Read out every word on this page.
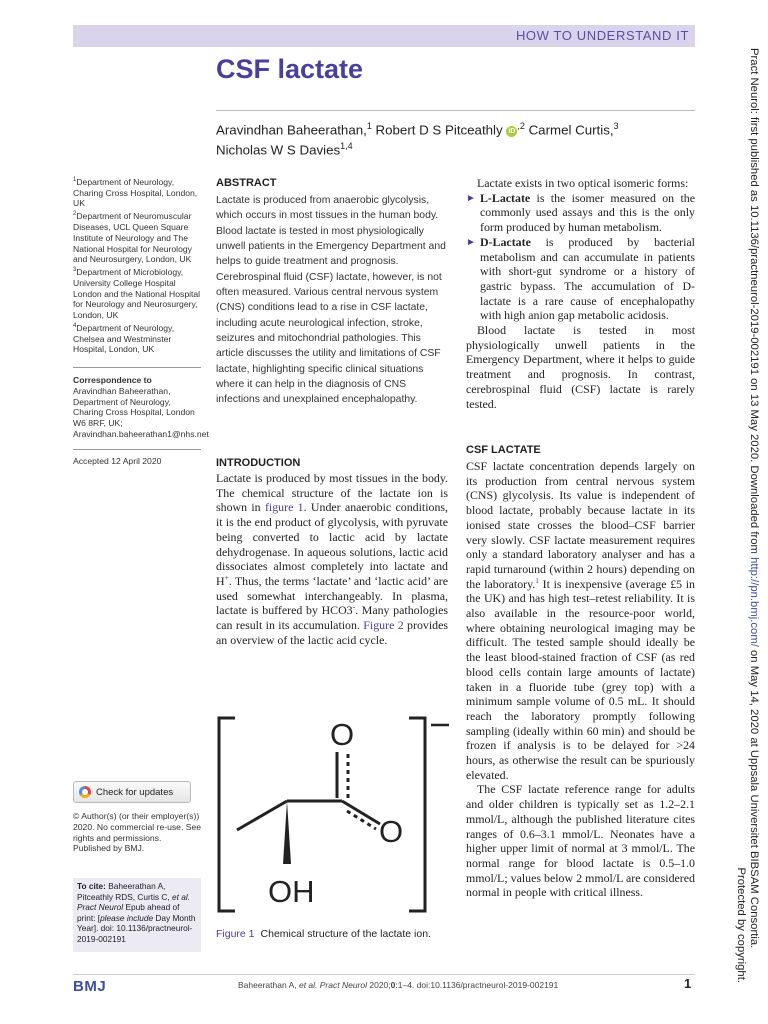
HOW TO UNDERSTAND IT
CSF lactate
Aravindhan Baheerathan,$^1$ Robert D S Pitceathly $iD^{,2}$ Carmel Curtis,$^3$
Nicholas W S Davies$^{1,4}$
$^1$Department of Neurology, Charing Cross Hospital, London, UK
$^2$Department of Neuromuscular Diseases, UCL Queen Square Institute of Neurology and The National Hospital for Neurology and Neurosurgery, London, UK
$^3$Department of Microbiology, University College Hospital London and the National Hospital for Neurology and Neurosurgery, London, UK
$^4$Department of Neurology, Chelsea and Westminster Hospital, London, UK
Correspondence to
Aravindhan Baheerathan, Department of Neurology, Charing Cross Hospital, London W6 8RF, UK; Aravindhan.baheerathan1@nhs.net
Accepted 12 April 2020
Check for updates
© Author(s) (or their employer(s)) 2020. No commercial re-use. See rights and permissions. Published by BMJ.
To cite: Baheerathan A, Pitceathly RDS, Curtis C, et al. Pract Neurol Epub ahead of print: [please include Day Month Year]. doi: 10.1136/practneurol-2019-002191
ABSTRACT
Lactate is produced from anaerobic glycolysis, which occurs in most tissues in the human body. Blood lactate is tested in most physiologically unwell patients in the Emergency Department and helps to guide treatment and prognosis. Cerebrospinal fluid (CSF) lactate, however, is not often measured. Various central nervous system (CNS) conditions lead to a rise in CSF lactate, including acute neurological infection, stroke, seizures and mitochondrial pathologies. This article discusses the utility and limitations of CSF lactate, highlighting specific clinical situations where it can help in the diagnosis of CNS infections and unexplained encephalopathy.
INTRODUCTION

Lactate is produced by most tissues in the body. The chemical structure of the lactate ion is shown in figure 1. Under anaerobic conditions, it is the end product of glycolysis, with pyruvate being converted to lactic acid by lactate dehydrogenase. In aqueous solutions, lactic acid dissociates almost completely into lactate and H+. Thus, the terms ‘lactate’ and ‘lactic acid’ are used somewhat interchangeably. In plasma, lactate is buffered by HCO3-. Many pathologies can result in its accumulation. Figure 2 provides an overview of the lactic acid cycle.

O
O
OH
Figure 1 Chemical structure of the lactate ion.

Lactate exists in two optical isomeric forms:

► L-Lactate is the isomer measured on the commonly used assays and this is the only form produced by human metabolism.
► D-Lactate is produced by bacterial metabolism and can accumulate in patients with short-gut syndrome or a history of gastric bypass. The accumulation of D-lactate is a rare cause of encephalopathy with high anion gap metabolic acidosis.

Blood lactate is tested in most physiologically unwell patients in the Emergency Department, where it helps to guide treatment and prognosis. In contrast, cerebrospinal fluid (CSF) lactate is rarely tested.

CSF LACTATE

CSF lactate concentration depends largely on its production from central nervous system (CNS) glycolysis. Its value is independent of blood lactate, probably because lactate in its ionised state crosses the blood–CSF barrier very slowly. CSF lactate measurement requires only a standard laboratory analyser and has a rapid turnaround (within 2 hours) depending on the laboratory.$^1$ It is inexpensive (average £5 in the UK) and has high test–retest reliability. It is also available in the resource-poor world, where obtaining neurological imaging may be difficult. The tested sample should ideally be the least blood-stained fraction of CSF (as red blood cells contain large amounts of lactate) taken in a fluoride tube (grey top) with a minimum sample volume of 0.5 mL. It should reach the laboratory promptly following sampling (ideally within 60 min) and should be frozen if analysis is to be delayed for >24 hours, as otherwise the result can be spuriously elevated.

The CSF lactate reference range for adults and older children is typically set as 1.2–2.1 mmol/L, although the published literature cites ranges of 0.6–3.1 mmol/L. Neonates have a higher upper limit of normal at 3 mmol/L. The normal range for blood lactate is 0.5–1.0 mmol/L; values below 2 mmol/L are considered normal in people with critical illness.

BMJ	Baheerathan A, et al. Pract Neurol 2020;0:1–4. doi:10.1136/practneurol-2019-002191	1
Pract Neurol: first published as 10.1136/practneurol-2019-002191 on 13 May 2020. Downloaded from http://pn.bmj.com/ on May 14, 2020 at Uppsala Universitet BIBSAM Consortia.
Protected by copyright.
